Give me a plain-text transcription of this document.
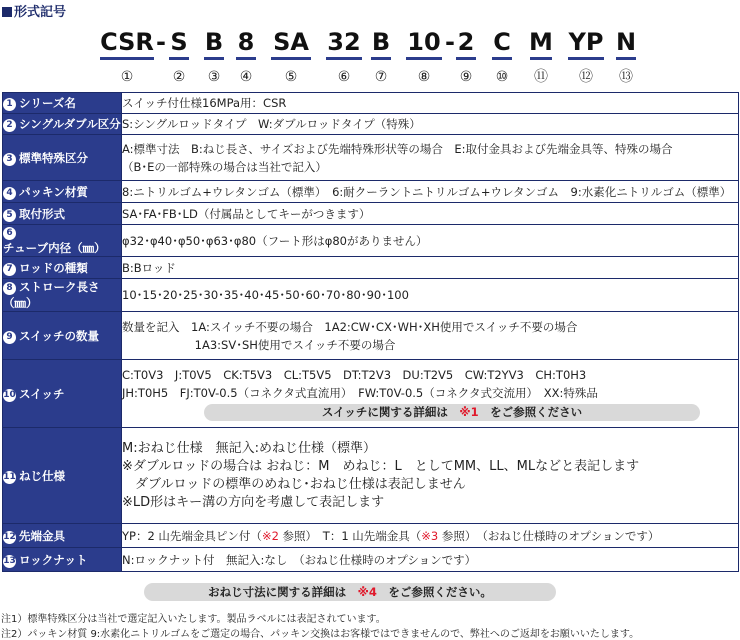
形式記号
CSR
①
- S
②
B
③
8
④
SA
⑤
32
⑥
B
⑦
10
⑧
- 2
⑨
C
⑩
M
⑪
YP
⑫
N
⑬
1 シリーズ名	スイッチ付仕様16MPa用：CSR

2 シングルダブル区分	S:シングルロッドタイプ　W:ダブルロッドタイプ（特殊）

3 標準特殊区分	A:標準寸法　B:ねじ長さ、サイズおよび先端特殊形状等の場合　E:取付金具および先端金具等、特殊の場合
（B･Eの一部特殊の場合は当社で記入）

4 パッキン材質	8:ニトリルゴム+ウレタンゴム（標準）　6:耐クーラントニトリルゴム+ウレタンゴム　9:水素化ニトリルゴム（標準）

5 取付形式	SA･FA･FB･LD（付属品としてキーがつきます）

6チューブ内径（㎜）	φ32･φ40･φ50･φ63･φ80（フート形はφ80がありません）

7 ロッドの種類	B:Bロッド

8 ストローク長さ（㎜）	10･15･20･25･30･35･40･45･50･60･70･80･90･100

9 スイッチの数量	数量を記入　1A:スイッチ不要の場合　1A2:CW･CX･WH･XH使用でスイッチ不要の場合
　　　　　　 1A3:SV･SH使用でスイッチ不要の場合

10 スイッチ	C:T0V3　J:T0V5　CK:T5V3　CL:T5V5　DT:T2V3　DU:T2V5　CW:T2YV3　CH:T0H3
JH:T0H5　FJ:T0V-0.5（コネクタ式直流用）　FW:T0V-0.5（コネクタ式交流用）　XX:特殊品
スイッチに関する詳細は　※1　をご参照ください

11 ねじ仕様	M:おねじ仕様　無記入:めねじ仕様（標準）
※ダブルロッドの場合は おねじ：M　めねじ：L　としてMM、LL、MLなどと表記します
　ダブルロッドの標準のめねじ･おねじ仕様は表記しません
※LD形はキー溝の方向を考慮して表記します

12 先端金具	YP：2 山先端金具ピン付（※2 参照）　T：1 山先端金具（※3 参照）　（おねじ仕様時のオプションです）

13 ロックナット	N:ロックナット付　無記入:なし　（おねじ仕様時のオプションです）
おねじ寸法に関する詳細は　※4　をご参照ください。
注1）標準特殊区分は当社で選定記入いたします。製品ラベルには表記されています。
注2）パッキン材質 9:水素化ニトリルゴムをご選定の場合、パッキン交換はお客様ではできませんので、弊社へのご返却をお願いいたします。
